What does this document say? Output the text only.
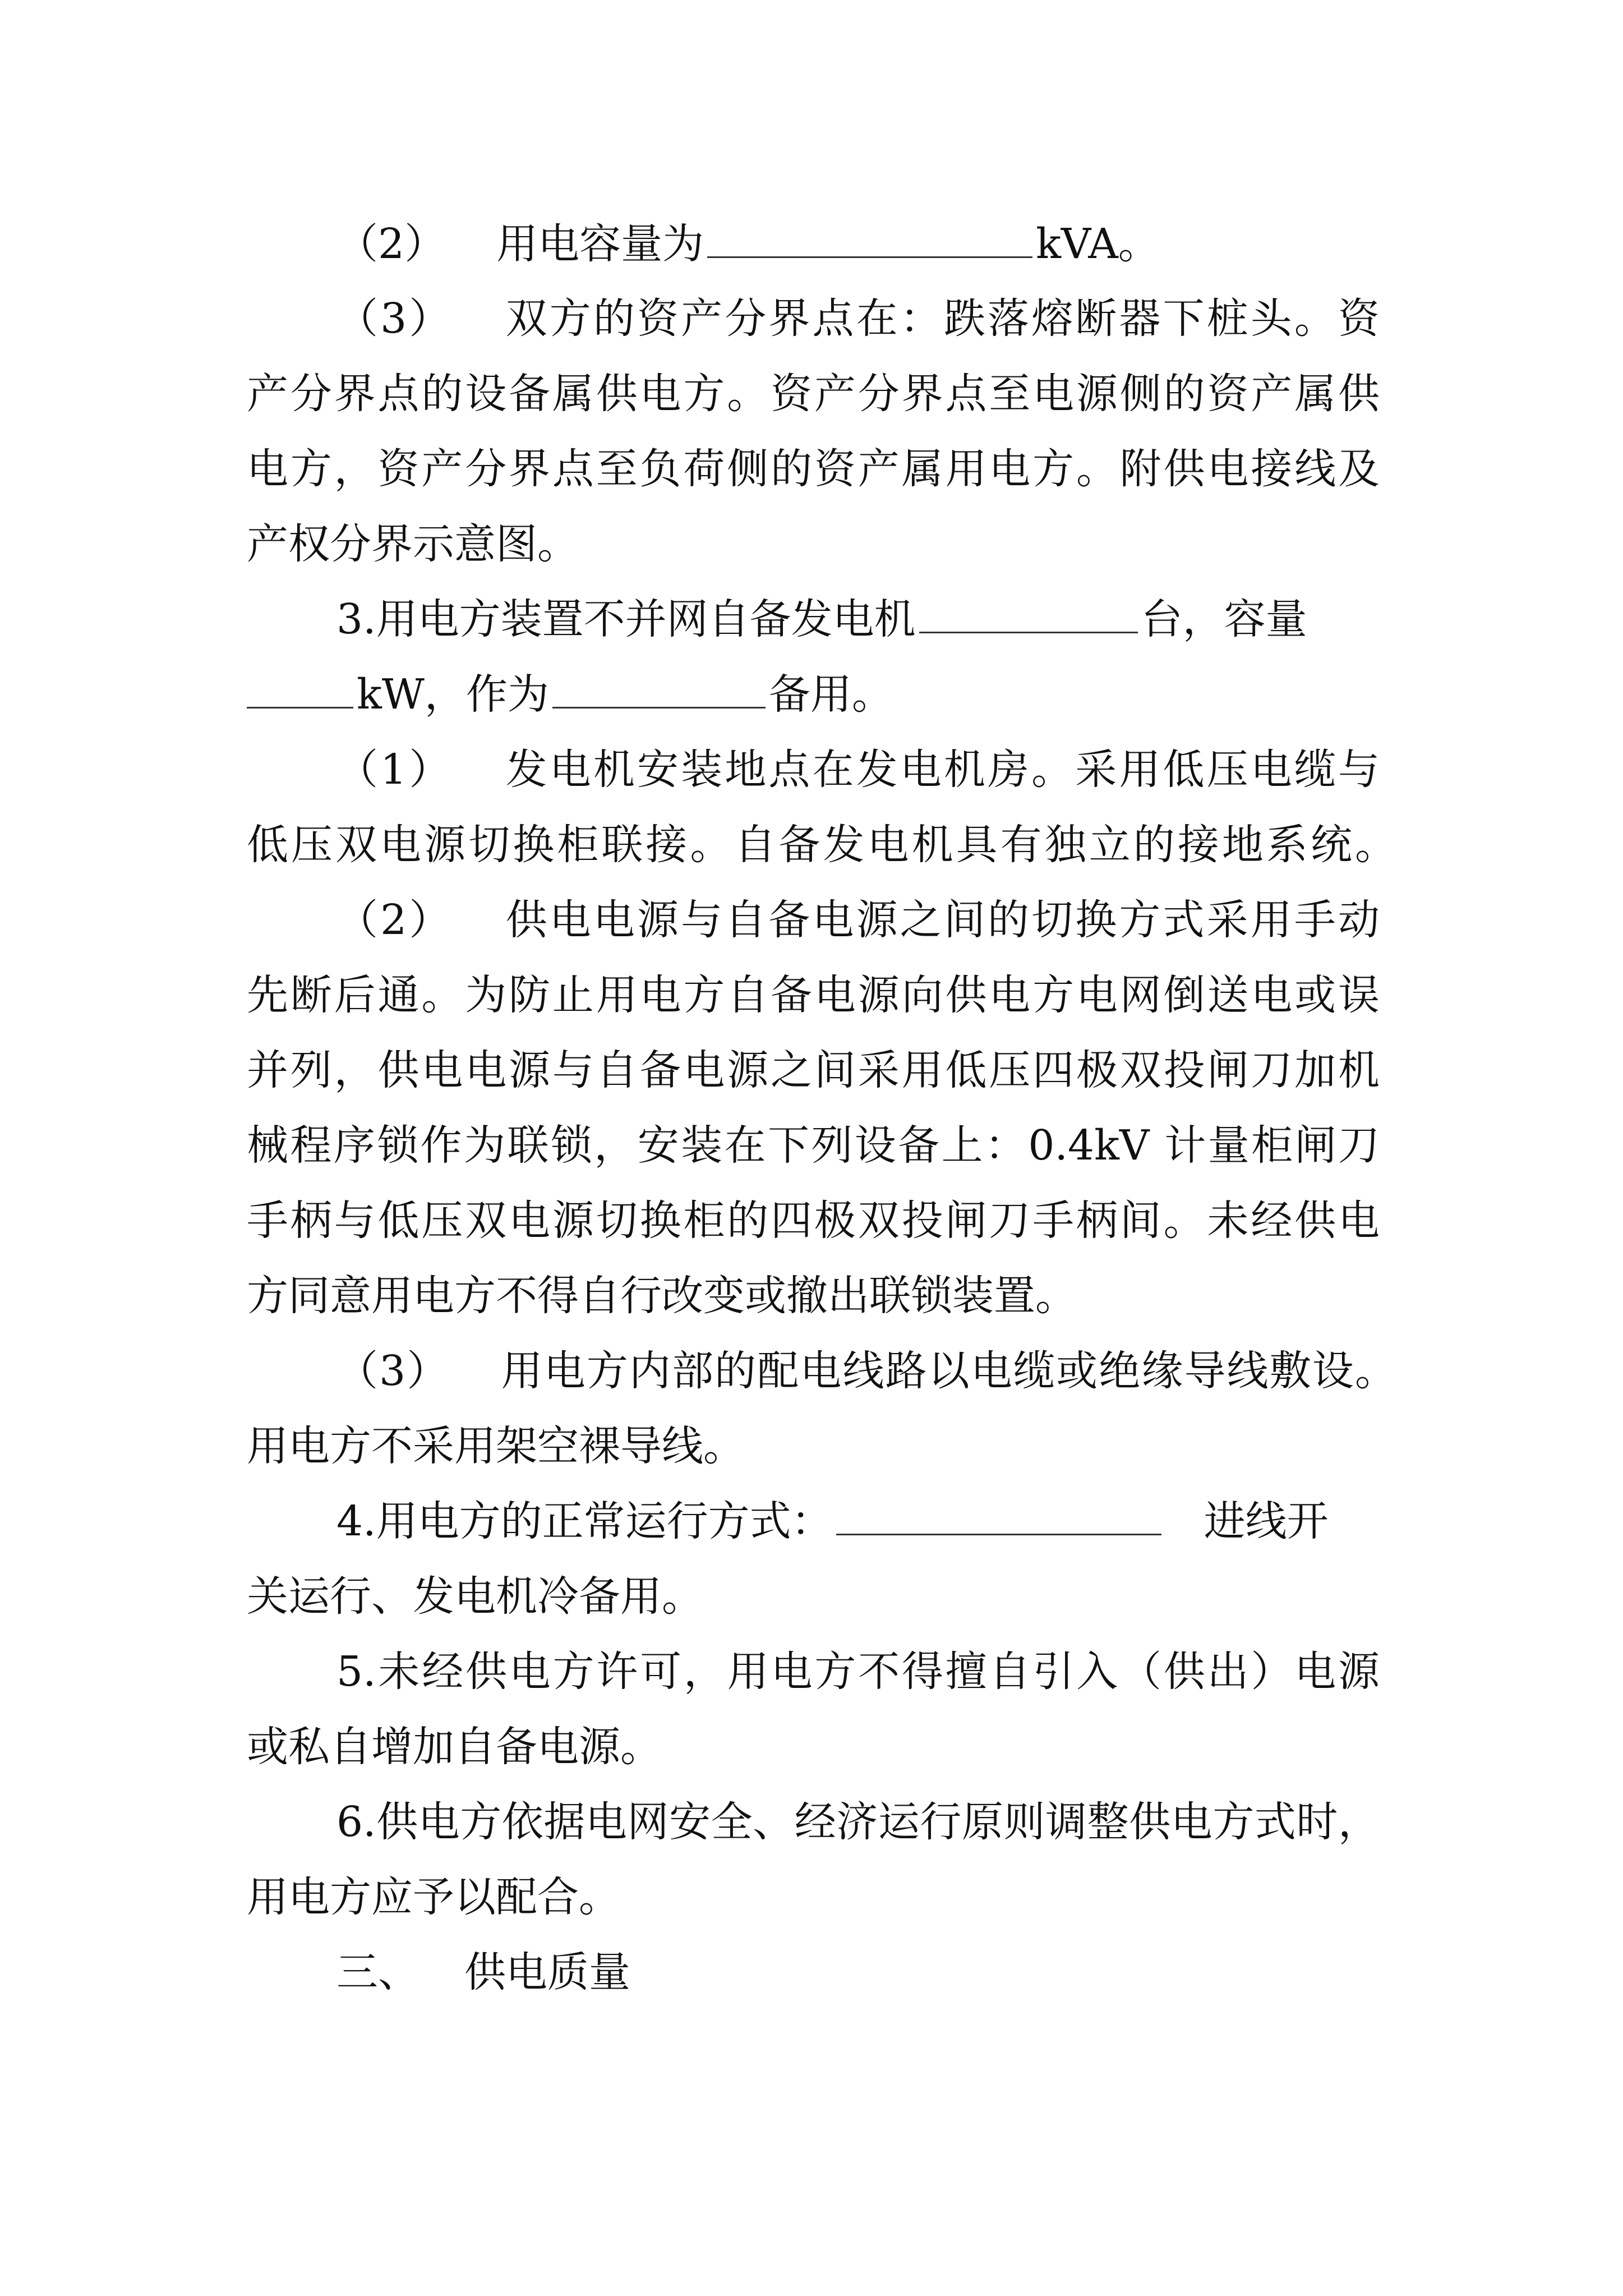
（2） 用电容量为	kVA。
（3） 双方的资产分界点在：跌落熔断器下桩头。资
产分界点的设备属供电方。资产分界点至电源侧的资产属供
电方，资产分界点至负荷侧的资产属用电方。附供电接线及
产权分界示意图。
3.用电方装置不并网自备发电机	台，容量
kW，作为	备用。
（1） 发电机安装地点在发电机房。采用低压电缆与
低压双电源切换柜联接。自备发电机具有独立的接地系统。
（2） 供电电源与自备电源之间的切换方式采用手动
先断后通。为防止用电方自备电源向供电方电网倒送电或误
并列，供电电源与自备电源之间采用低压四极双投闸刀加机
械程序锁作为联锁，安装在下列设备上：0.4kV 计量柜闸刀
手柄与低压双电源切换柜的四极双投闸刀手柄间。未经供电
方同意用电方不得自行改变或撤出联锁装置。
（3） 用电方内部的配电线路以电缆或绝缘导线敷设。
用电方不采用架空裸导线。
4.用电方的正常运行方式：	进线开
关运行、发电机冷备用。
5.未经供电方许可，用电方不得擅自引入（供出）电源
或私自增加自备电源。
6.供电方依据电网安全、经济运行原则调整供电方式时，
用电方应予以配合。
三、 供电质量
